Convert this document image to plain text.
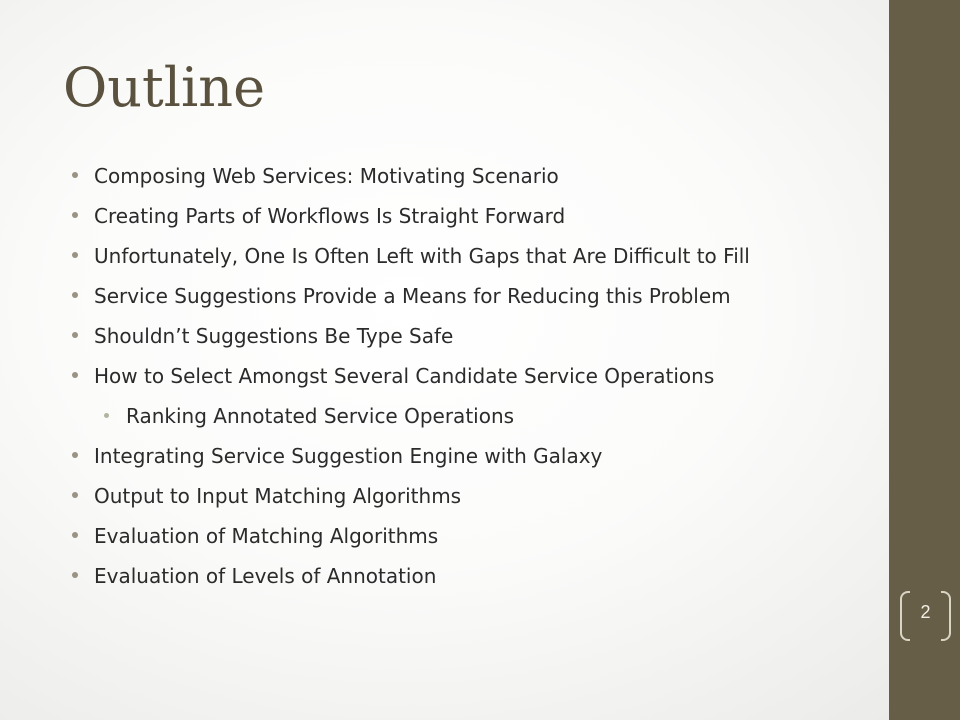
Outline
Composing Web Services: Motivating Scenario
Creating Parts of Workflows Is Straight Forward
Unfortunately, One Is Often Left with Gaps that Are Difficult to Fill
Service Suggestions Provide a Means for Reducing this Problem
Shouldn’t Suggestions Be Type Safe
How to Select Amongst Several Candidate Service Operations
Ranking Annotated Service Operations
Integrating Service Suggestion Engine with Galaxy
Output to Input Matching Algorithms
Evaluation of Matching Algorithms
Evaluation of Levels of Annotation
2
